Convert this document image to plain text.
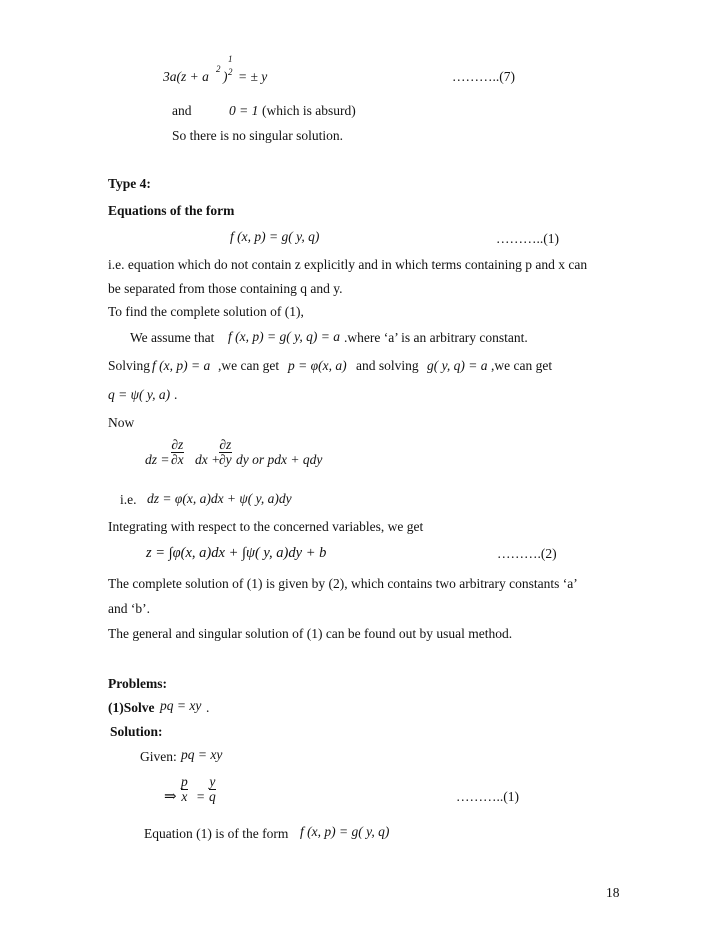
3a(z + a 2 )
1
2 = ± y	………..(7)
and	0 = 1 (which is absurd)
So there is no singular solution.
Type 4:
Equations of the form
f (x, p) = g( y, q)	………..(1)
i.e. equation which do not contain z explicitly and in which terms containing p and x can
be separated from those containing q and y.
To find the complete solution of (1),
We assume that f (x, p) = g( y, q) = a .where ‘a’ is an arbitrary constant.
Solving f (x, p) = a ,we can get p = φ(x, a) and solving g( y, q) = a ,we can get
q = ψ( y, a) .
Now
dz = $\frac{\partial z}{\partial x}$ dx +
$\frac{\partial z}{\partial y}$ dy or pdx + qdy
i.e. dz = φ(x, a)dx + ψ( y, a)dy
Integrating with respect to the concerned variables, we get
z = ∫φ(x, a)dx + ∫ψ( y, a)dy + b	……….(2)
The complete solution of (1) is given by (2), which contains two arbitrary constants ‘a’
and ‘b’.
The general and singular solution of (1) can be found out by usual method.
Problems:
(1)Solve pq = xy .
Solution:
Given: pq = xy
⇒ $\frac{p}{x} = \frac{y}{q}$	………..(1)
Equation (1) is of the form f (x, p) = g( y, q)
18
